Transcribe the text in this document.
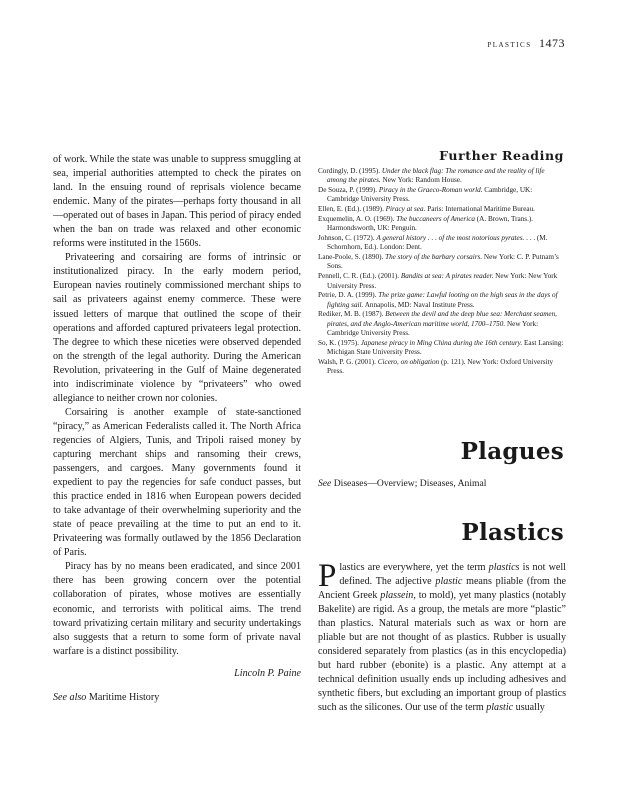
plastics 1473

of work. While the state was unable to suppress smuggling at sea, imperial authorities attempted to check the pirates on land. In the ensuing round of reprisals violence became endemic. Many of the pirates—perhaps forty thousand in all—operated out of bases in Japan. This period of piracy ended when the ban on trade was relaxed and other economic reforms were instituted in the 1560s.

Privateering and corsairing are forms of intrinsic or institutionalized piracy. In the early modern period, European navies routinely commissioned merchant ships to sail as privateers against enemy commerce. These were issued letters of marque that outlined the scope of their operations and afforded captured privateers legal protection. The degree to which these niceties were observed depended on the strength of the legal authority. During the American Revolution, privateering in the Gulf of Maine degenerated into indiscriminate violence by “privateers” who owed allegiance to neither crown nor colonies.

Corsairing is another example of state-sanctioned “piracy,” as American Federalists called it. The North Africa regencies of Algiers, Tunis, and Tripoli raised money by capturing merchant ships and ransoming their crews, passengers, and cargoes. Many governments found it expedient to pay the regencies for safe conduct passes, but this practice ended in 1816 when European powers decided to take advantage of their overwhelming superiority and the state of peace prevailing at the time to put an end to it. Privateering was formally outlawed by the 1856 Declaration of Paris.

Piracy has by no means been eradicated, and since 2001 there has been growing concern over the potential collaboration of pirates, whose motives are essentially economic, and terrorists with political aims. The trend toward privatizing certain military and security undertakings also suggests that a return to some form of private naval warfare is a distinct possibility.

Lincoln P. Paine

See also Maritime History

Further Reading

Cordingly, D. (1995). Under the black flag: The romance and the reality of life among the pirates. New York: Random House.

De Souza, P. (1999). Piracy in the Graeco-Roman world. Cambridge, UK: Cambridge University Press.

Ellen, E. (Ed.). (1989). Piracy at sea. Paris: International Maritime Bureau.

Exquemelin, A. O. (1969). The buccaneers of America (A. Brown, Trans.). Harmondsworth, UK: Penguin.

Johnson, C. (1972). A general history . . . of the most notorious pyrates. . . . (M. Schornhorn, Ed.). London: Dent.

Lane-Poole, S. (1890). The story of the barbary corsairs. New York: C. P. Putnam’s Sons.

Pennell, C. R. (Ed.). (2001). Bandits at sea: A pirates reader. New York: New York University Press.

Petrie, D. A. (1999). The prize game: Lawful looting on the high seas in the days of fighting sail. Annapolis, MD: Naval Institute Press.

Rediker, M. B. (1987). Between the devil and the deep blue sea: Merchant seamen, pirates, and the Anglo-American maritime world, 1700–1750. New York: Cambridge University Press.

So, K. (1975). Japanese piracy in Ming China during the 16th century. East Lansing: Michigan State University Press.

Walsh, P. G. (2001). Cicero, on obligation (p. 121). New York: Oxford University Press.

Plagues
See Diseases—Overview; Diseases, Animal
Plastics

Plastics are everywhere, yet the term plastics is not well defined. The adjective plastic means pliable (from the Ancient Greek plassein, to mold), yet many plastics (notably Bakelite) are rigid. As a group, the metals are more “plastic” than plastics. Natural materials such as wax or horn are pliable but are not thought of as plastics. Rubber is usually considered separately from plastics (as in this encyclopedia) but hard rubber (ebonite) is a plastic. Any attempt at a technical definition usually ends up including adhesives and synthetic fibers, but excluding an important group of plastics such as the silicones. Our use of the term plastic usually
